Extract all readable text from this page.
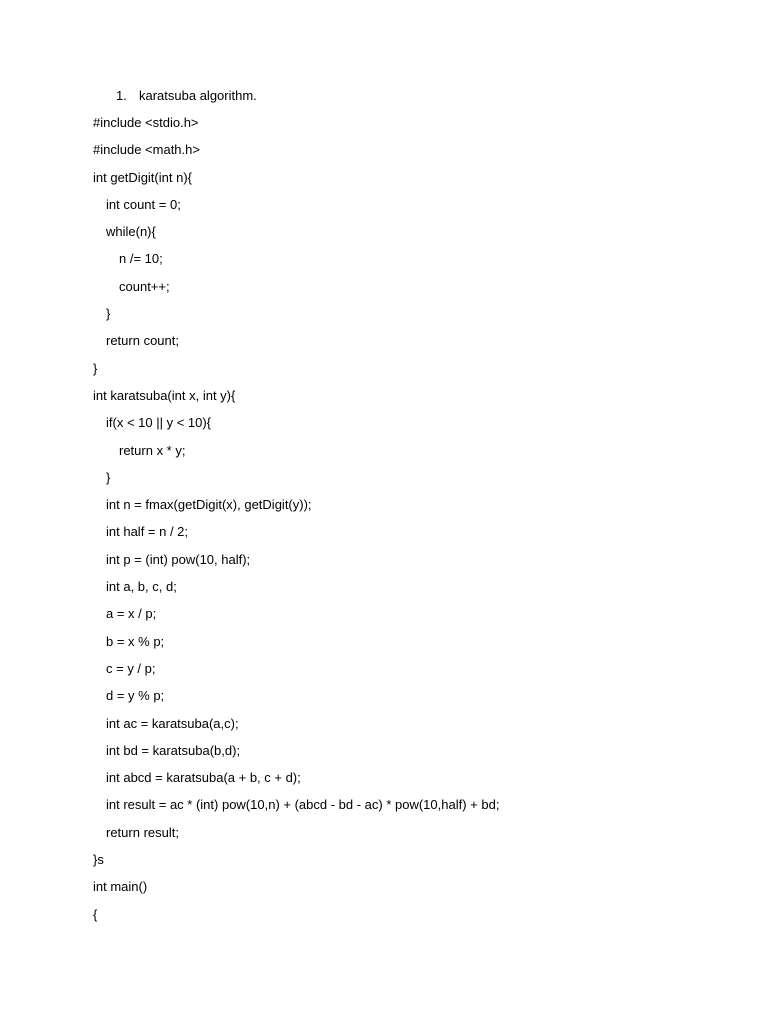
1. karatsuba algorithm.
#include <stdio.h>
#include <math.h>
int getDigit(int n){
int count = 0;
while(n){
n /= 10;
count++;
}
return count;
}
int karatsuba(int x, int y){
if(x < 10 || y < 10){
return x * y;
}
int n = fmax(getDigit(x), getDigit(y));
int half = n / 2;
int p = (int) pow(10, half);
int a, b, c, d;
a = x / p;
b = x % p;
c = y / p;
d = y % p;
int ac = karatsuba(a,c);
int bd = karatsuba(b,d);
int abcd = karatsuba(a + b, c + d);
int result = ac * (int) pow(10,n) + (abcd - bd - ac) * pow(10,half) + bd;
return result;
}s
int main()
{
